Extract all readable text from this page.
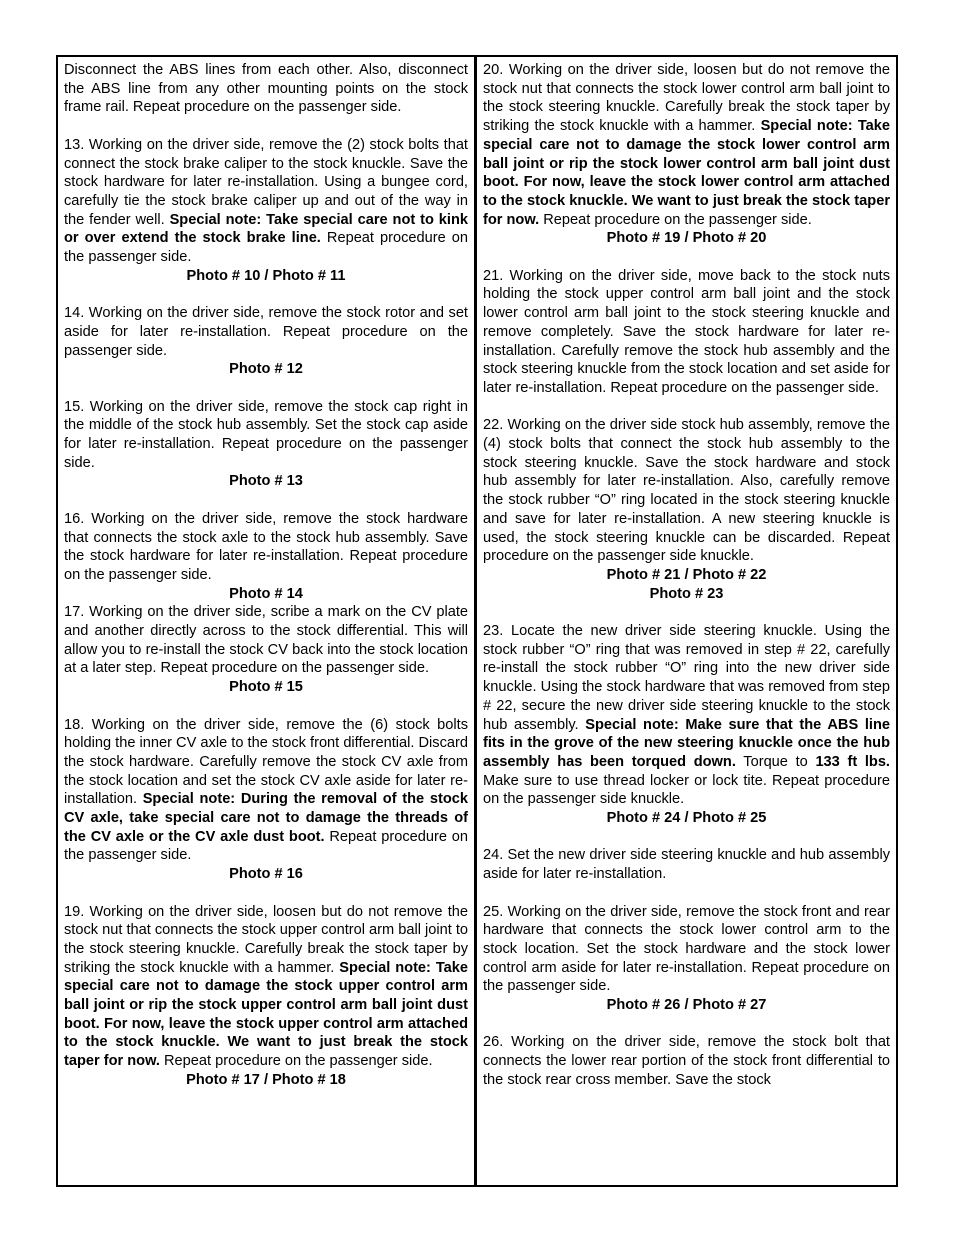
Disconnect the ABS lines from each other. Also, disconnect the ABS line from any other mounting points on the stock frame rail. Repeat procedure on the passenger side.

13. Working on the driver side, remove the (2) stock bolts that connect the stock brake caliper to the stock knuckle. Save the stock hardware for later re-installation. Using a bungee cord, carefully tie the stock brake caliper up and out of the way in the fender well. Special note: Take special care not to kink or over extend the stock brake line. Repeat procedure on the passenger side.

Photo # 10 / Photo # 11

14. Working on the driver side, remove the stock rotor and set aside for later re-installation. Repeat procedure on the passenger side.

Photo # 12

15. Working on the driver side, remove the stock cap right in the middle of the stock hub assembly. Set the stock cap aside for later re-installation. Repeat procedure on the passenger side.

Photo # 13

16. Working on the driver side, remove the stock hardware that connects the stock axle to the stock hub assembly. Save the stock hardware for later re-installation. Repeat procedure on the passenger side.

Photo # 14

17. Working on the driver side, scribe a mark on the CV plate and another directly across to the stock differential. This will allow you to re-install the stock CV back into the stock location at a later step. Repeat procedure on the passenger side.

Photo # 15

18. Working on the driver side, remove the (6) stock bolts holding the inner CV axle to the stock front differential. Discard the stock hardware. Carefully remove the stock CV axle from the stock location and set the stock CV axle aside for later re-installation. Special note: During the removal of the stock CV axle, take special care not to damage the threads of the CV axle or the CV axle dust boot. Repeat procedure on the passenger side.

Photo # 16

19. Working on the driver side, loosen but do not remove the stock nut that connects the stock upper control arm ball joint to the stock steering knuckle. Carefully break the stock taper by striking the stock knuckle with a hammer. Special note: Take special care not to damage the stock upper control arm ball joint or rip the stock upper control arm ball joint dust boot. For now, leave the stock upper control arm attached to the stock knuckle. We want to just break the stock taper for now. Repeat procedure on the passenger side.

Photo # 17 / Photo # 18

20. Working on the driver side, loosen but do not remove the stock nut that connects the stock lower control arm ball joint to the stock steering knuckle. Carefully break the stock taper by striking the stock knuckle with a hammer. Special note: Take special care not to damage the stock lower control arm ball joint or rip the stock lower control arm ball joint dust boot. For now, leave the stock lower control arm attached to the stock knuckle. We want to just break the stock taper for now. Repeat procedure on the passenger side.

Photo # 19 / Photo # 20

21. Working on the driver side, move back to the stock nuts holding the stock upper control arm ball joint and the stock lower control arm ball joint to the stock steering knuckle and remove completely. Save the stock hardware for later re-installation. Carefully remove the stock hub assembly and the stock steering knuckle from the stock location and set aside for later re-installation. Repeat procedure on the passenger side.

22. Working on the driver side stock hub assembly, remove the (4) stock bolts that connect the stock hub assembly to the stock steering knuckle. Save the stock hardware and stock hub assembly for later re-installation. Also, carefully remove the stock rubber “O” ring located in the stock steering knuckle and save for later re-installation. A new steering knuckle is used, the stock steering knuckle can be discarded. Repeat procedure on the passenger side knuckle.

Photo # 21 / Photo # 22

Photo # 23

23. Locate the new driver side steering knuckle. Using the stock rubber “O” ring that was removed in step # 22, carefully re-install the stock rubber “O” ring into the new driver side knuckle. Using the stock hardware that was removed from step # 22, secure the new driver side steering knuckle to the stock hub assembly. Special note: Make sure that the ABS line fits in the grove of the new steering knuckle once the hub assembly has been torqued down. Torque to 133 ft lbs. Make sure to use thread locker or lock tite. Repeat procedure on the passenger side knuckle.

Photo # 24 / Photo # 25

24. Set the new driver side steering knuckle and hub assembly aside for later re-installation.

25. Working on the driver side, remove the stock front and rear hardware that connects the stock lower control arm to the stock location. Set the stock hardware and the stock lower control arm aside for later re-installation. Repeat procedure on the passenger side.

Photo # 26 / Photo # 27

26. Working on the driver side, remove the stock bolt that connects the lower rear portion of the stock front differential to the stock rear cross member. Save the stock
